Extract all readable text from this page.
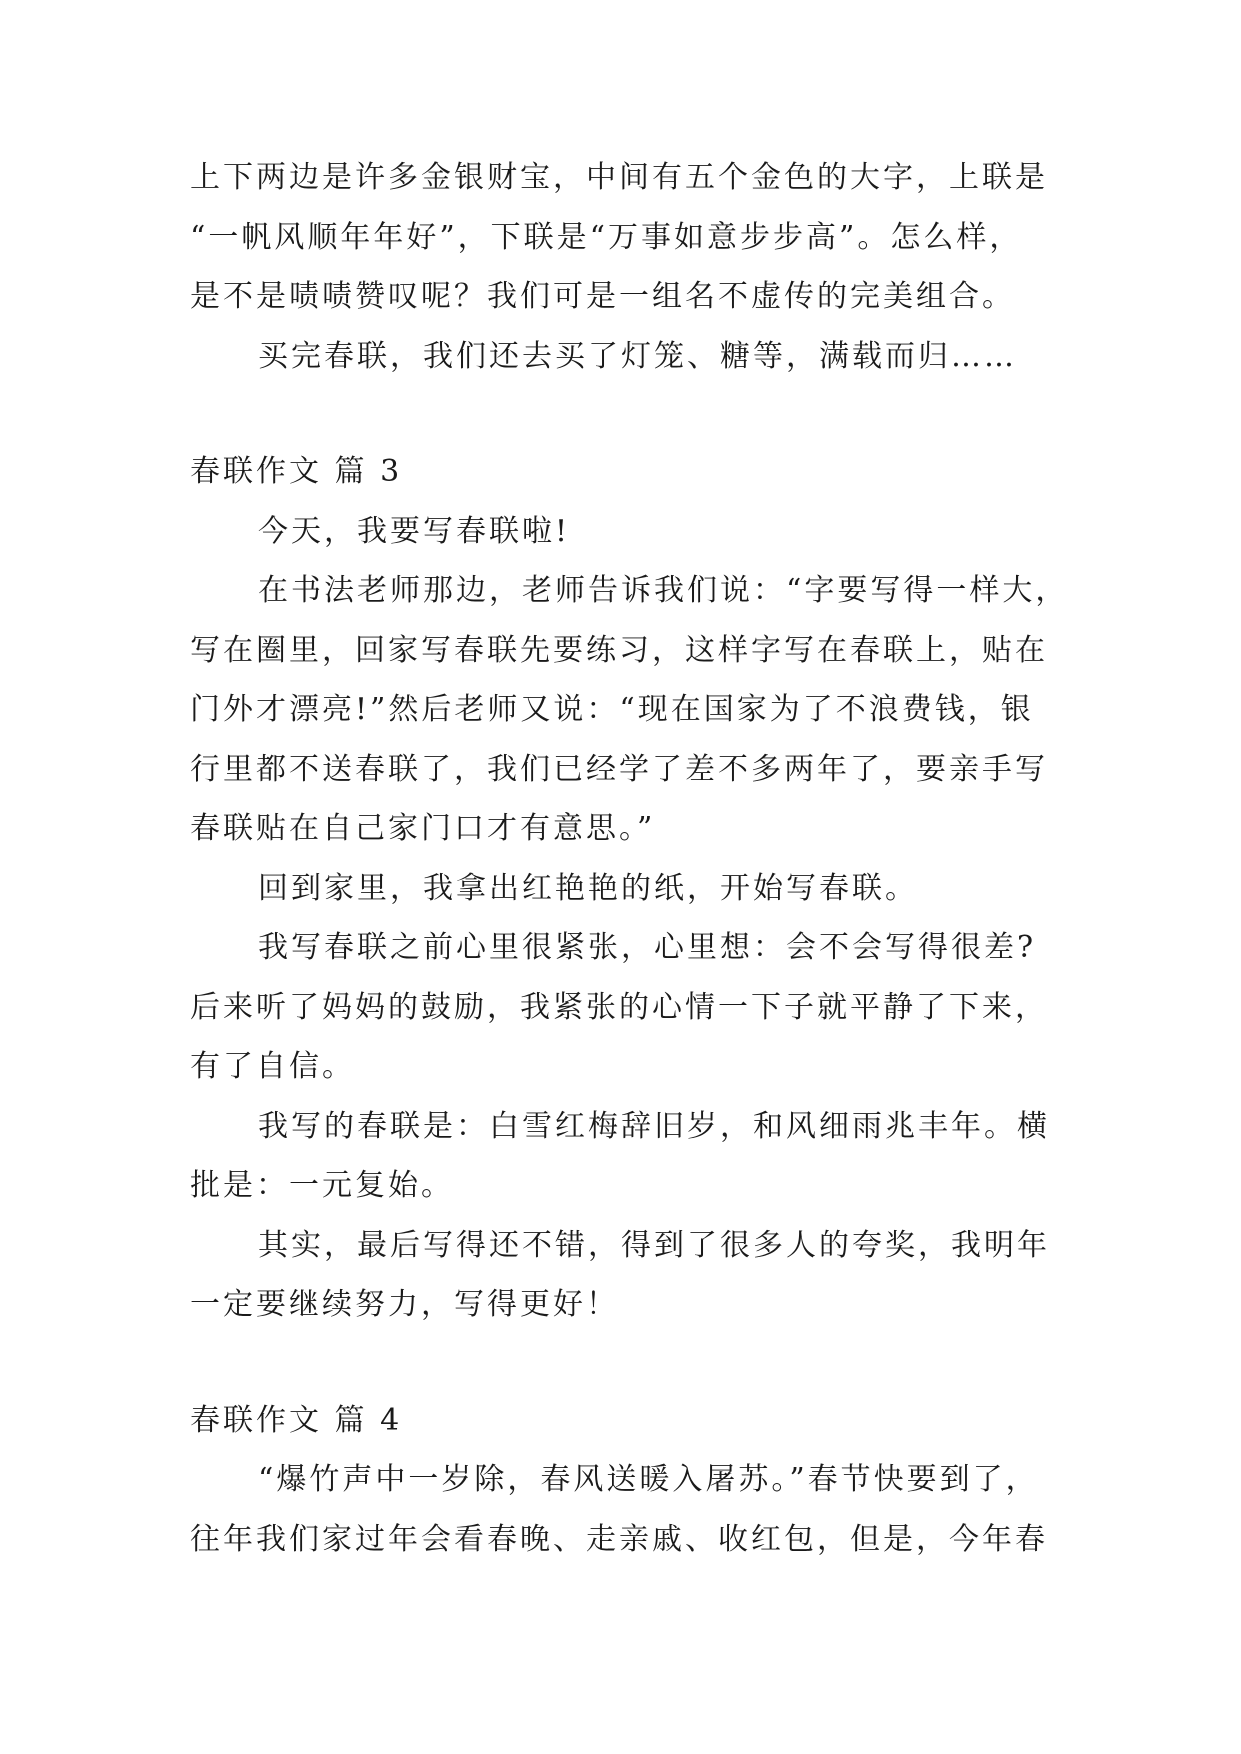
上下两边是许多金银财宝，中间有五个金色的大字，上联是
“一帆风顺年年好”，下联是“万事如意步步高”。怎么样，
是不是啧啧赞叹呢？我们可是一组名不虚传的完美组合。
买完春联，我们还去买了灯笼、糖等，满载而归……
春联作文 篇 3
今天，我要写春联啦!
在书法老师那边，老师告诉我们说：“字要写得一样大，
写在圈里，回家写春联先要练习，这样字写在春联上，贴在
门外才漂亮!”然后老师又说：“现在国家为了不浪费钱，银
行里都不送春联了，我们已经学了差不多两年了，要亲手写
春联贴在自己家门口才有意思。”
回到家里，我拿出红艳艳的纸，开始写春联。
我写春联之前心里很紧张，心里想：会不会写得很差?
后来听了妈妈的鼓励，我紧张的心情一下子就平静了下来，
有了自信。
我写的春联是：白雪红梅辞旧岁，和风细雨兆丰年。横
批是：一元复始。
其实，最后写得还不错，得到了很多人的夸奖，我明年
一定要继续努力，写得更好！
春联作文 篇 4
“爆竹声中一岁除，春风送暖入屠苏。”春节快要到了，
往年我们家过年会看春晚、走亲戚、收红包，但是，今年春
